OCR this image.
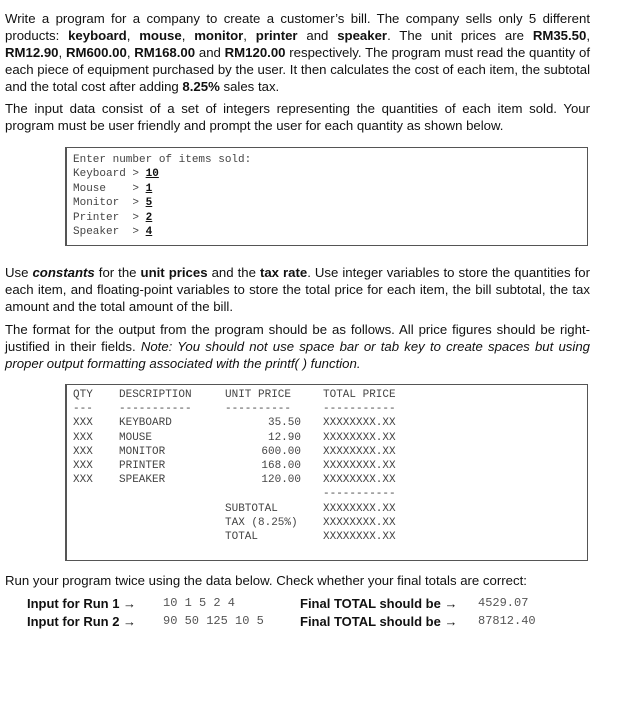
Write a program for a company to create a customer’s bill. The company sells only 5 different products: keyboard, mouse, monitor, printer and speaker. The unit prices are RM35.50, RM12.90, RM600.00, RM168.00 and RM120.00 respectively. The program must read the quantity of each piece of equipment purchased by the user. It then calculates the cost of each item, the subtotal and the total cost after adding 8.25% sales tax.
The input data consist of a set of integers representing the quantities of each item sold. Your program must be user friendly and prompt the user for each quantity as shown below.
Enter number of items sold:
Keyboard > 10
Mouse    > 1
Monitor  > 5
Printer  > 2
Speaker  > 4
Use constants for the unit prices and the tax rate. Use integer variables to store the quantities for each item, and floating-point variables to store the total price for each item, the bill subtotal, the tax amount and the total amount of the bill.
The format for the output from the program should be as follows. All price figures should be right-justified in their fields. Note: You should not use space bar or tab key to create spaces but using proper output formatting associated with the printf( ) function.
QTY DESCRIPTION	UNIT PRICE	TOTAL PRICE
--- -----------	----------	-----------
XXX KEYBOARD	35.50 XXXXXXXX.XX
XXX MOUSE	12.90 XXXXXXXX.XX
XXX MONITOR	600.00 XXXXXXXX.XX
XXX PRINTER	168.00 XXXXXXXX.XX
XXX SPEAKER	120.00 XXXXXXXX.XX
-----------
SUBTOTAL	XXXXXXXX.XX
TAX (8.25%) XXXXXXXX.XX
TOTAL	XXXXXXXX.XX
Run your program twice using the data below. Check whether your final totals are correct:
Input for Run 1 → 10 1 5 2 4	Final TOTAL should be → 4529.07
Input for Run 2 → 90 50 125 10 5	Final TOTAL should be → 87812.40
